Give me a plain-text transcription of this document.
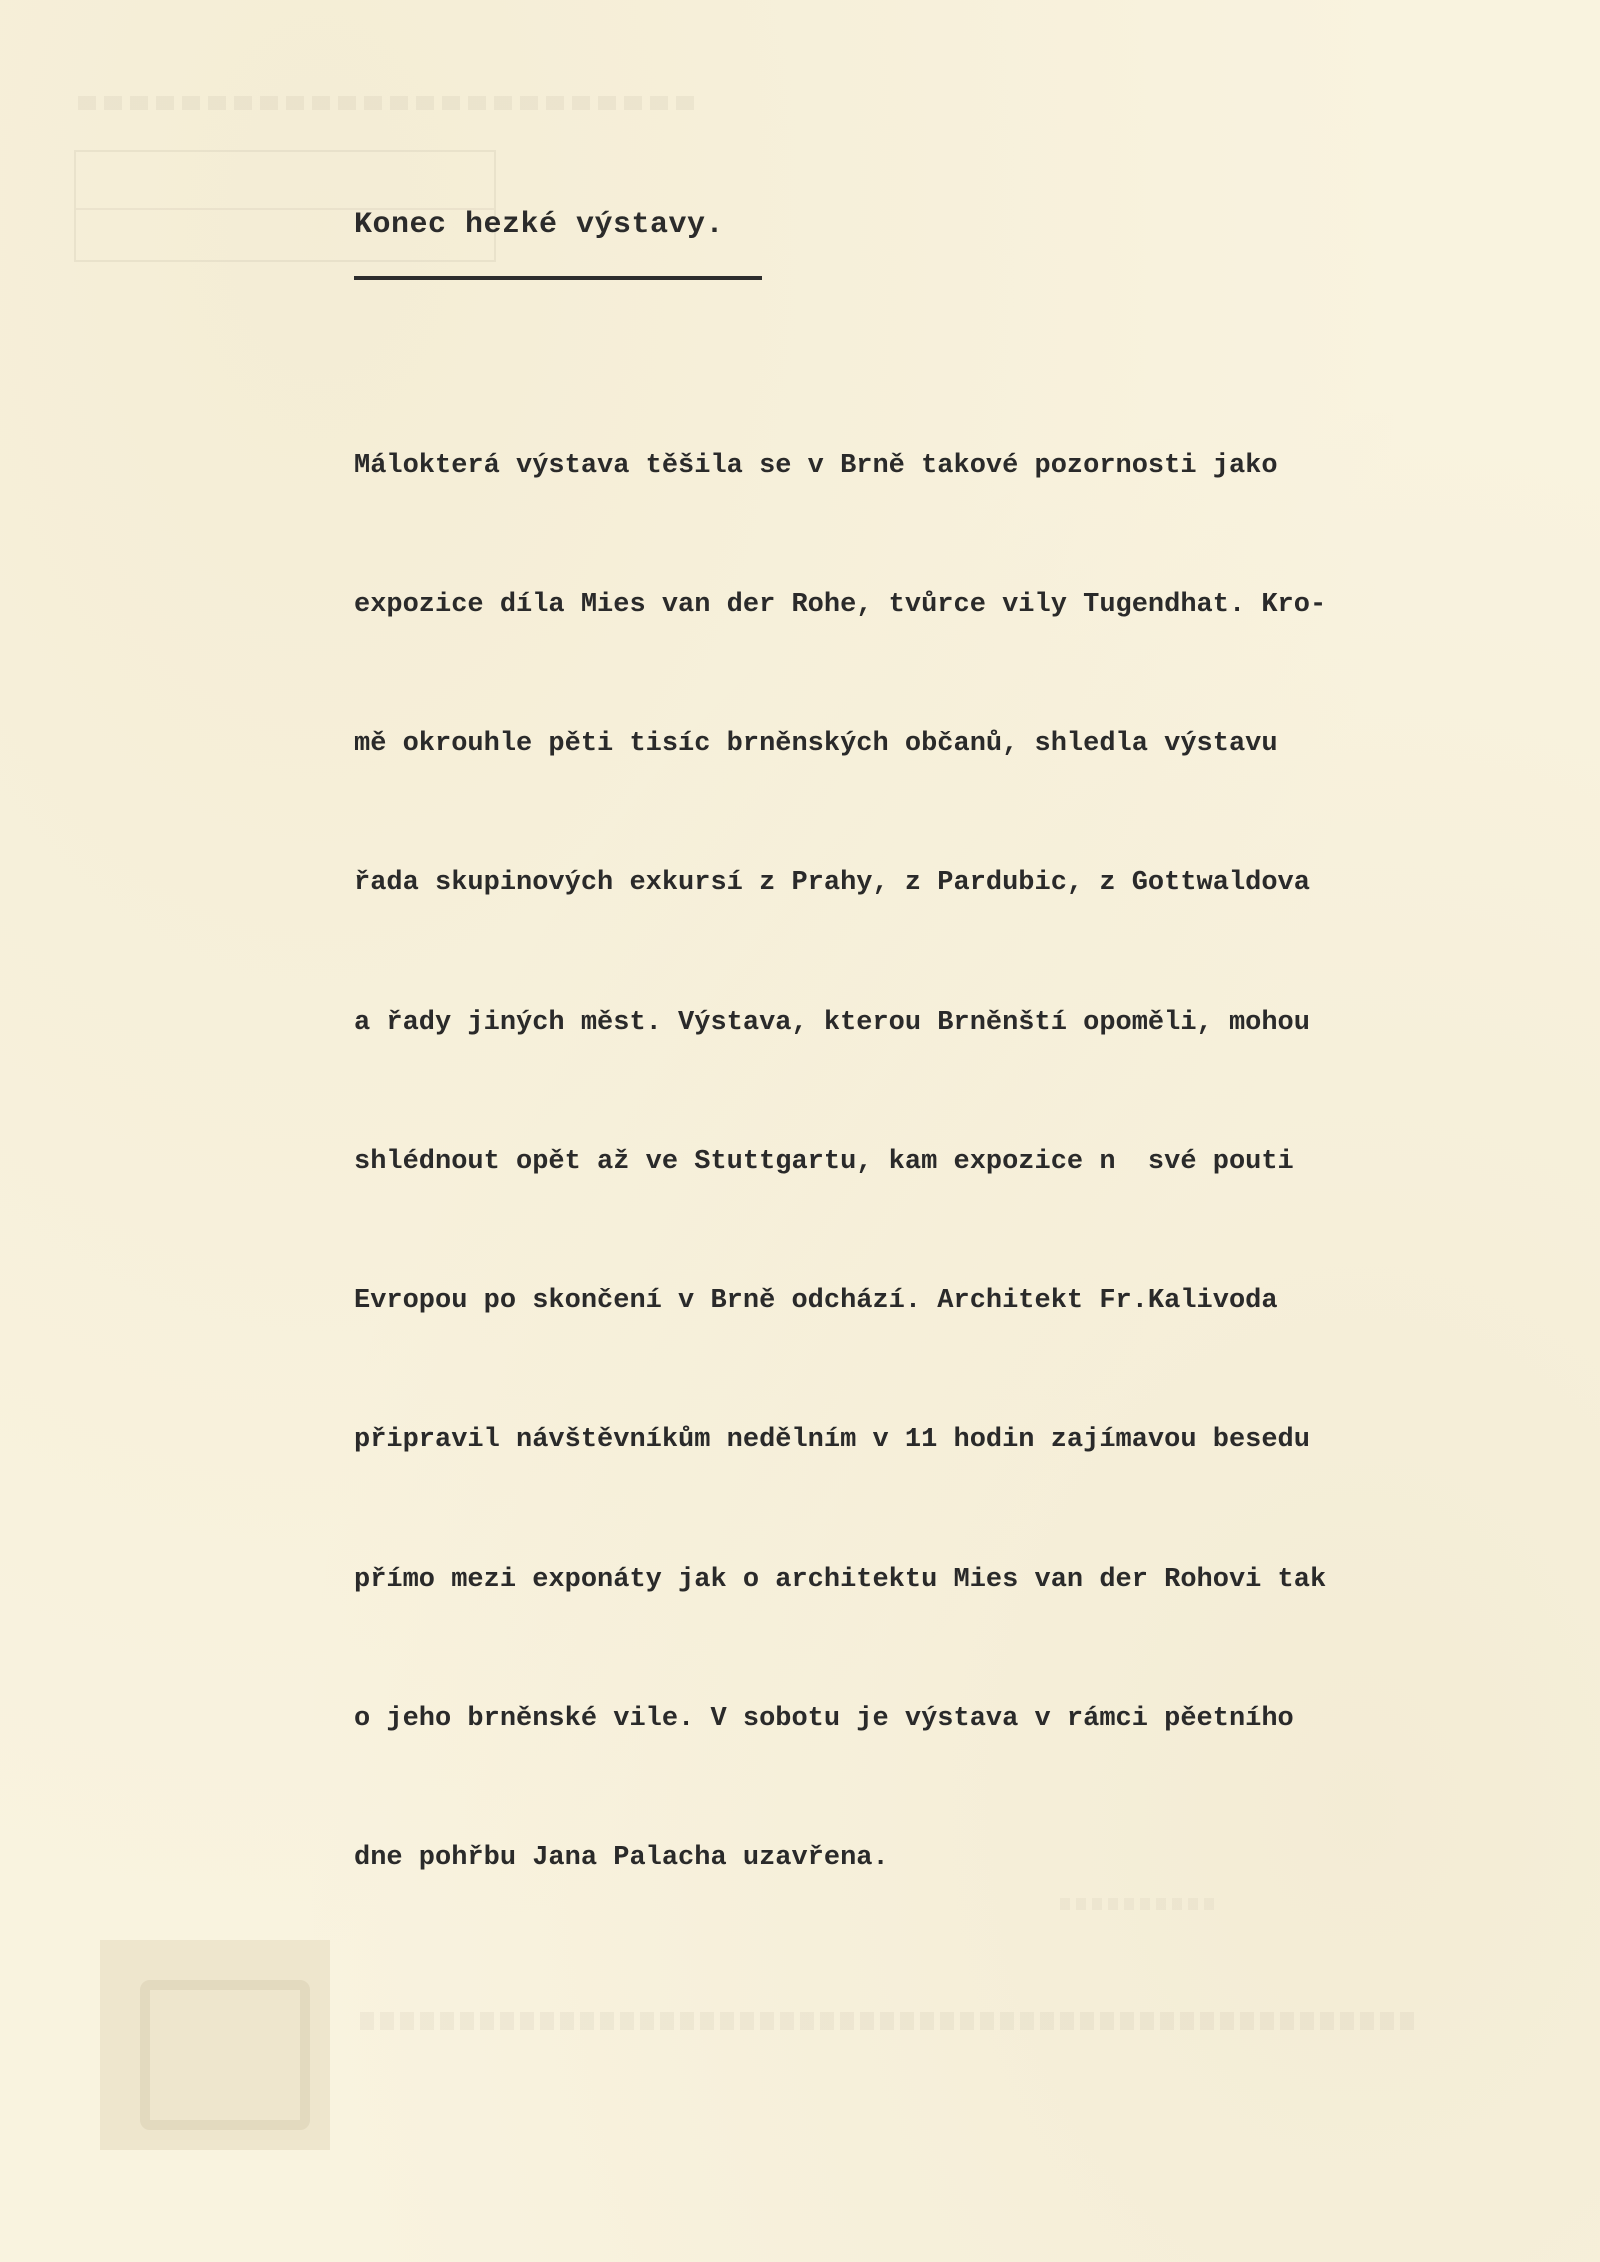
Konec hezké výstavy.

Málokterá výstava těšila se v Brně takové pozornosti jako

expozice díla Mies van der Rohe, tvůrce vily Tugendhat. Kro-

mě okrouhle pěti tisíc brněnských občanů, shledla výstavu

řada skupinových exkursí z Prahy, z Pardubic, z Gottwaldova

a řady jiných měst. Výstava, kterou Brněnští opoměli, mohou

shlédnout opět až ve Stuttgartu, kam expozice n  své pouti

Evropou po skončení v Brně odchází. Architekt Fr.Kalivoda

připravil návštěvníkům nedělním v 11 hodin zajímavou besedu

přímo mezi exponáty jak o architektu Mies van der Rohovi tak

o jeho brněnské vile. V sobotu je výstava v rámci pěetního

dne pohřbu Jana Palacha uzavřena.
